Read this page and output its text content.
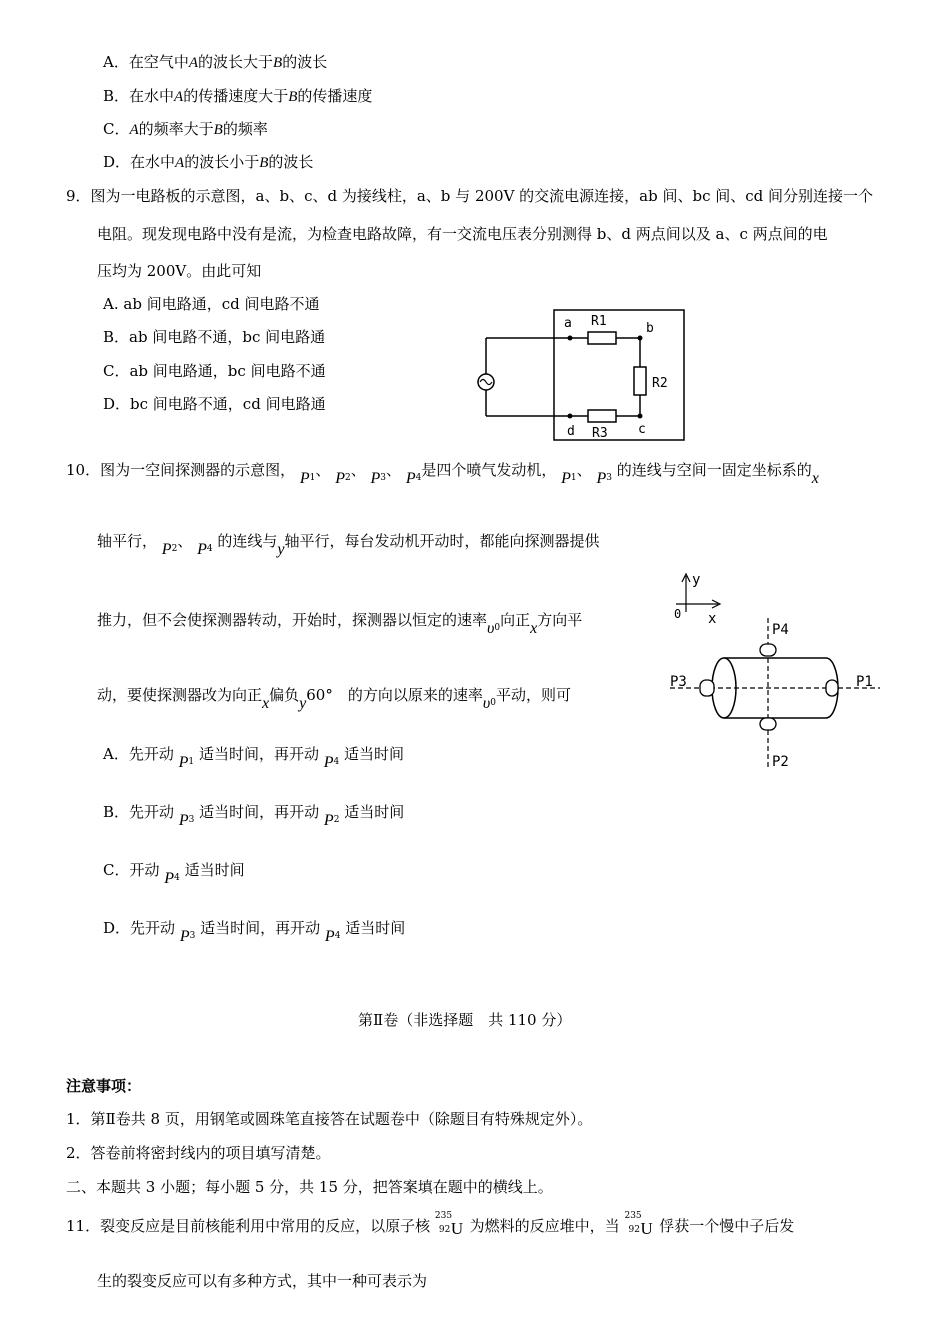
A．在空气中A的波长大于B的波长
B．在水中A的传播速度大于B的传播速度
C．A的频率大于B的频率
D．在水中A的波长小于B的波长
9．图为一电路板的示意图，a、b、c、d 为接线柱，a、b 与 200V 的交流电源连接，ab 间、bc 间、cd 间分别连接一个
电阻。现发现电路中没有是流，为检查电路故障，有一交流电压表分别测得 b、d 两点间以及 a、c 两点间的电
压均为 200V。由此可知
A. ab 间电路通，cd 间电路不通
B．ab 间电路不通，bc 间电路通
C．ab 间电路通，bc 间电路不通
D．bc 间电路不通，cd 间电路通
a	b
c
d
R1
R2
R3
10．图为一空间探测器的示意图， $P_1$、 $P_2$、 $P_3$、 $P_4$是四个喷气发动机， $P_1$、 $P_3$ 的连线与空间一固定坐标系的x
轴平行， $P_2$、 $P_4$ 的连线与y轴平行，每台发动机开动时，都能向探测器提供
推力，但不会使探测器转动，开始时，探测器以恒定的速率$\upsilon_0$向正x方向平
动，要使探测器改为向正x偏负y60°　 的方向以原来的速率$\upsilon_0$平动，则可
A．先开动 $P_1$ 适当时间，再开动 $P_4$ 适当时间
B．先开动 $P_3$ 适当时间，再开动 $P_2$ 适当时间
C．开动 $P_4$ 适当时间
D．先开动 $P_3$ 适当时间，再开动 $P_4$ 适当时间
y
x
0
P1
P2
P3
P4
第Ⅱ卷（非选择题　共 110 分）
注意事项：
1．第Ⅱ卷共 8 页，用钢笔或圆珠笔直接答在试题卷中（除题目有特殊规定外）。
2．答卷前将密封线内的项目填写清楚。
二、本题共 3 小题；每小题 5 分，共 15 分，把答案填在题中的横线上。
11．裂变反应是目前核能利用中常用的反应，以原子核
235
92 U 为燃料的反应堆中，当
235
92 U 俘获一个慢中子后发
生的裂变反应可以有多种方式，其中一种可表示为
